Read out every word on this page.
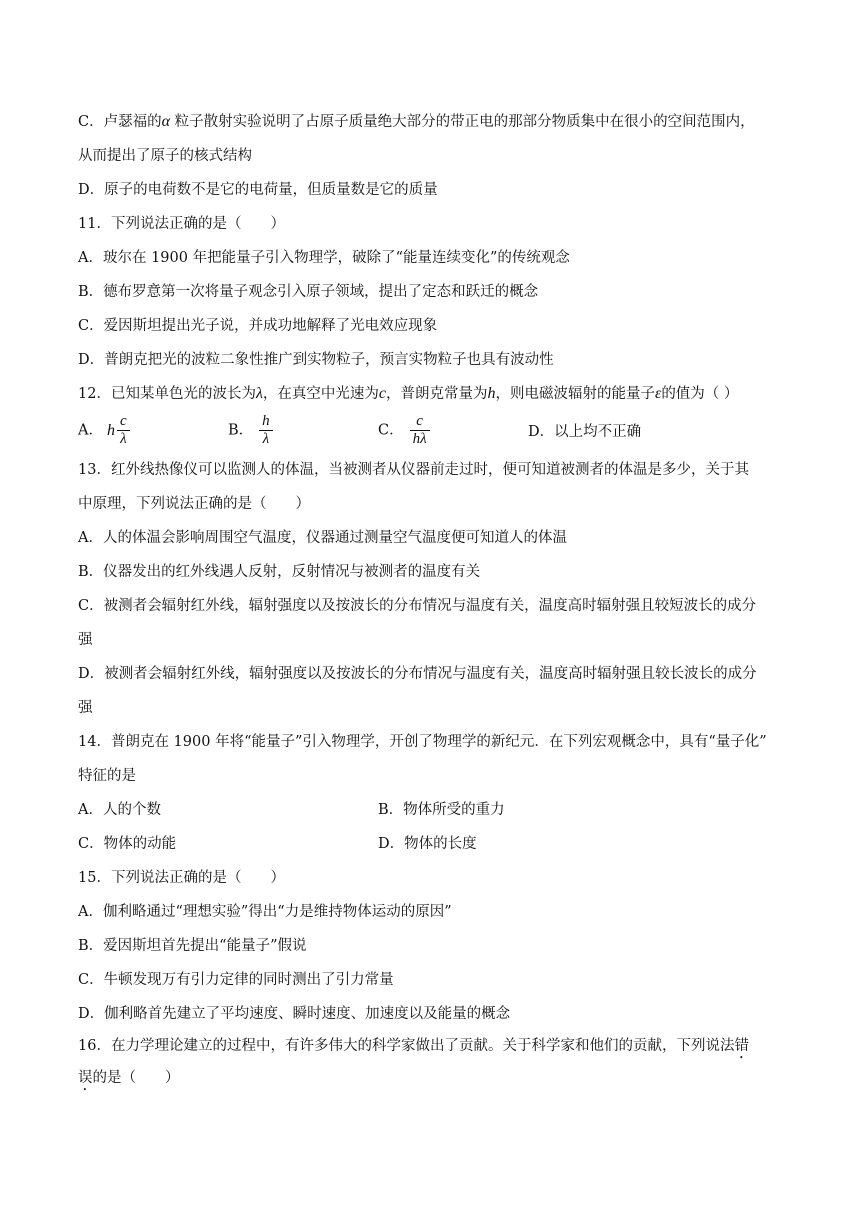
C．卢瑟福的α 粒子散射实验说明了占原子质量绝大部分的带正电的那部分物质集中在很小的空间范围内，
从而提出了原子的核式结构
D．原子的电荷数不是它的电荷量，但质量数是它的质量
11．下列说法正确的是（　　）
A．玻尔在 1900 年把能量子引入物理学，破除了“能量连续变化”的传统观念
B．德布罗意第一次将量子观念引入原子领域，提出了定态和跃迁的概念
C．爱因斯坦提出光子说，并成功地解释了光电效应现象
D．普朗克把光的波粒二象性推广到实物粒子，预言实物粒子也具有波动性
12．已知某单色光的波长为λ，在真空中光速为c，普朗克常量为h，则电磁波辐射的能量子ε的值为（ ）
A． h $\frac{c}{\lambda}$	B． $\frac{h}{\lambda}$	C． $\frac{c}{h\lambda}$	D．以上均不正确
13．红外线热像仪可以监测人的体温，当被测者从仪器前走过时，便可知道被测者的体温是多少，关于其
中原理，下列说法正确的是（　　）
A．人的体温会影响周围空气温度，仪器通过测量空气温度便可知道人的体温
B．仪器发出的红外线遇人反射，反射情况与被测者的温度有关
C．被测者会辐射红外线，辐射强度以及按波长的分布情况与温度有关，温度高时辐射强且较短波长的成分
强
D．被测者会辐射红外线，辐射强度以及按波长的分布情况与温度有关，温度高时辐射强且较长波长的成分
强
14．普朗克在 1900 年将“能量子”引入物理学，开创了物理学的新纪元．在下列宏观概念中，具有“量子化”
特征的是
A．人的个数	B．物体所受的重力
C．物体的动能	D．物体的长度
15．下列说法正确的是（　　）
A．伽利略通过“理想实验”得出“力是维持物体运动的原因”
B．爱因斯坦首先提出“能量子”假说
C．牛顿发现万有引力定律的同时测出了引力常量
D．伽利略首先建立了平均速度、瞬时速度、加速度以及能量的概念
16．在力学理论建立的过程中，有许多伟大的科学家做出了贡献。关于科学家和他们的贡献，下列说法错
误的是（　　）
